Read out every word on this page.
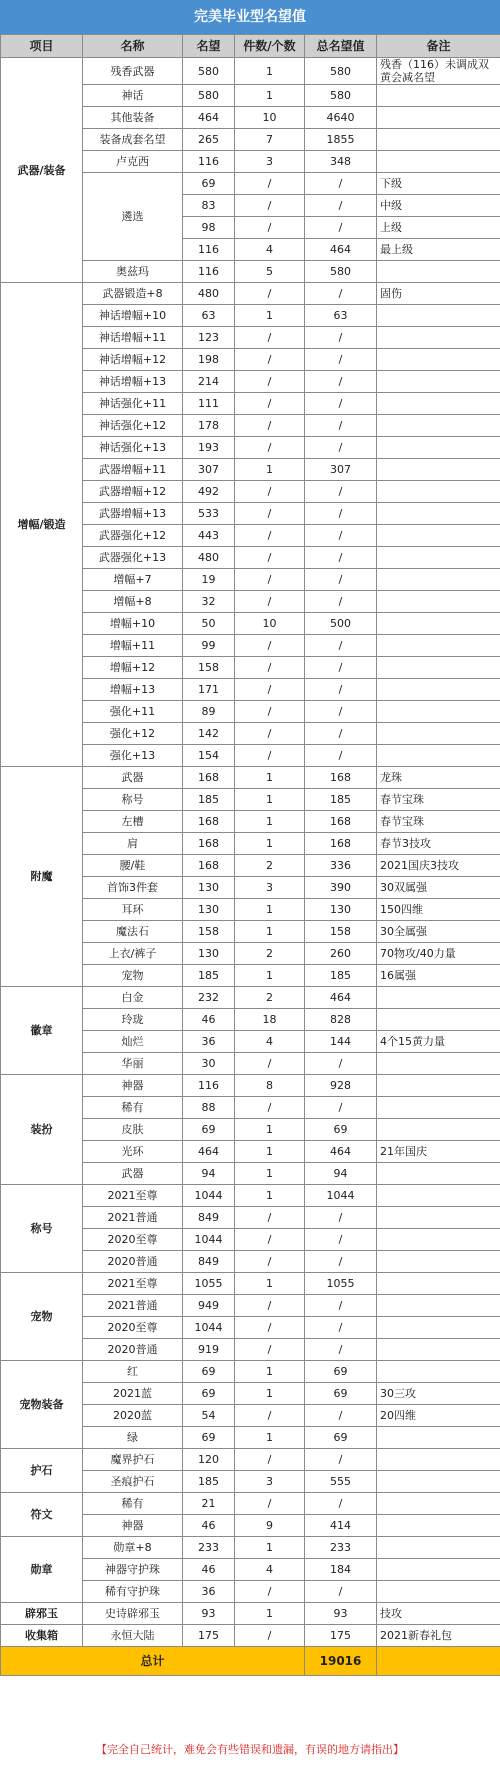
完美毕业型名望值
项目	名称	名望	件数/个数	总名望值	备注
武器/装备	残香武器	580	1	580	残香（116）未调成双黄会减名望
	神话	580	1	580	
	其他装备	464	10	4640	
	装备成套名望	265	7	1855	
	卢克西	116	3	348	
	遴选	69	/	/	下级
		83	/	/	中级
		98	/	/	上级
		116	4	464	最上级
	奥兹玛	116	5	580	
增幅/锻造	武器锻造+8	480	/	/	固伤
	神话增幅+10	63	1	63	
	神话增幅+11	123	/	/	
	神话增幅+12	198	/	/	
	神话增幅+13	214	/	/	
	神话强化+11	111	/	/	
	神话强化+12	178	/	/	
	神话强化+13	193	/	/	
	武器增幅+11	307	1	307	
	武器增幅+12	492	/	/	
	武器增幅+13	533	/	/	
	武器强化+12	443	/	/	
	武器强化+13	480	/	/	
	增幅+7	19	/	/	
	增幅+8	32	/	/	
	增幅+10	50	10	500	
	增幅+11	99	/	/	
	增幅+12	158	/	/	
	增幅+13	171	/	/	
	强化+11	89	/	/	
	强化+12	142	/	/	
	强化+13	154	/	/	
附魔	武器	168	1	168	龙珠
	称号	185	1	185	春节宝珠
	左槽	168	1	168	春节宝珠
	肩	168	1	168	春节3技攻
	腰/鞋	168	2	336	2021国庆3技攻
	首饰3件套	130	3	390	30双属强
	耳环	130	1	130	150四维
	魔法石	158	1	158	30全属强
	上衣/裤子	130	2	260	70物攻/40力量
	宠物	185	1	185	16属强
徽章	白金	232	2	464	
	玲珑	46	18	828	
	灿烂	36	4	144	4个15黄力量
	华丽	30	/	/	
装扮	神器	116	8	928	
	稀有	88	/	/	
	皮肤	69	1	69	
	光环	464	1	464	21年国庆
	武器	94	1	94	
称号	2021至尊	1044	1	1044	
	2021普通	849	/	/	
	2020至尊	1044	/	/	
	2020普通	849	/	/	
宠物	2021至尊	1055	1	1055	
	2021普通	949	/	/	
	2020至尊	1044	/	/	
	2020普通	919	/	/	
宠物装备	红	69	1	69	
	2021蓝	69	1	69	30三攻
	2020蓝	54	/	/	20四维
	绿	69	1	69	
护石	魔界护石	120	/	/	
	圣痕护石	185	3	555	
符文	稀有	21	/	/	
	神器	46	9	414	
勋章	勋章+8	233	1	233	
	神器守护珠	46	4	184	
	稀有守护珠	36	/	/	
辟邪玉	史诗辟邪玉	93	1	93	技攻
收集箱	永恒大陆	175	/	175	2021新春礼包
总计				19016	
【完全自己统计，难免会有些错误和遗漏，有误的地方请指出】
